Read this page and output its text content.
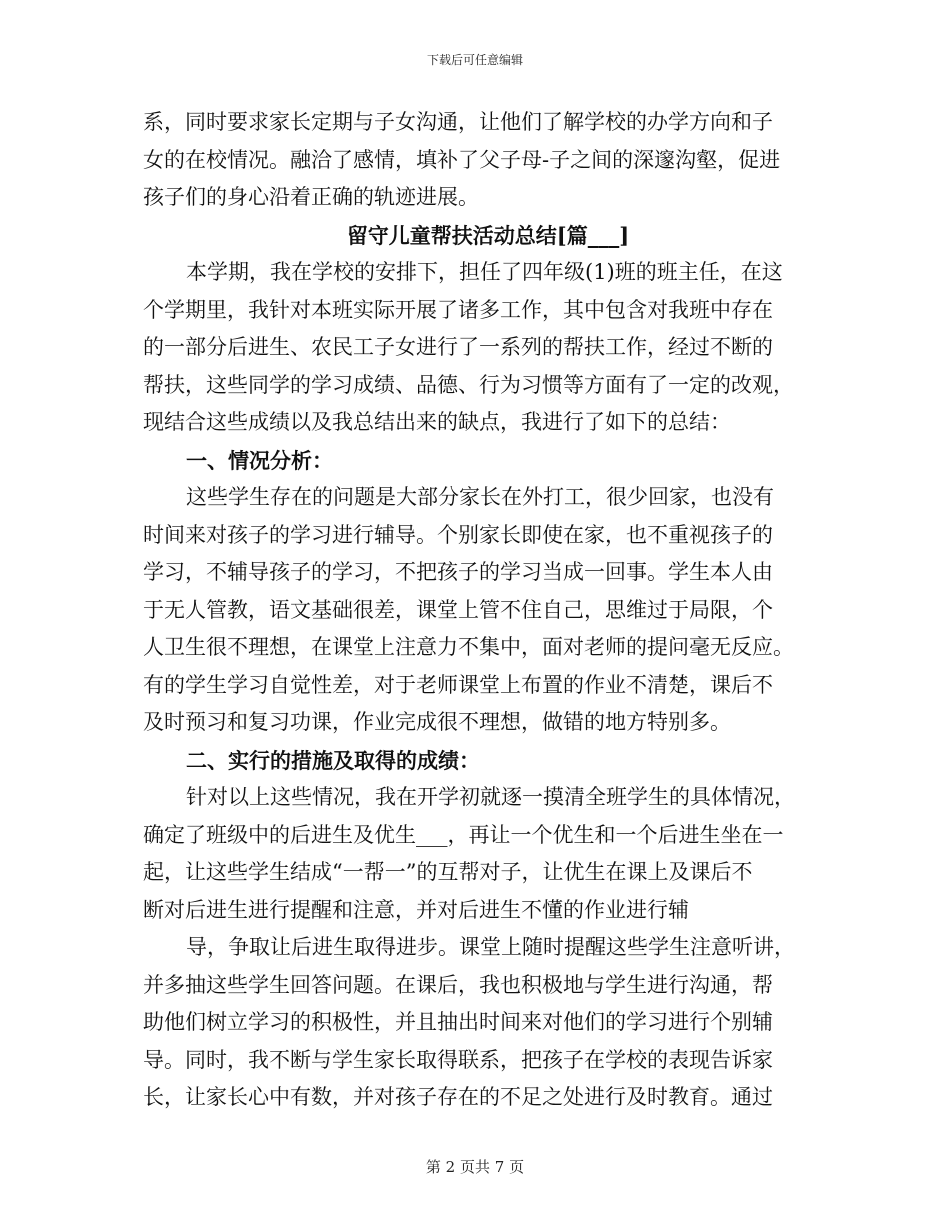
下载后可任意编辑
系，同时要求家长定期与子女沟通，让他们了解学校的办学方向和子
女的在校情况。融洽了感情，填补了父子母-子之间的深邃沟壑，促进
孩子们的身心沿着正确的轨迹进展。
留守儿童帮扶活动总结[篇___]
本学期，我在学校的安排下，担任了四年级(1)班的班主任，在这
个学期里，我针对本班实际开展了诸多工作，其中包含对我班中存在
的一部分后进生、农民工子女进行了一系列的帮扶工作，经过不断的
帮扶，这些同学的学习成绩、品德、行为习惯等方面有了一定的改观，
现结合这些成绩以及我总结出来的缺点，我进行了如下的总结：
一、情况分析：
这些学生存在的问题是大部分家长在外打工，很少回家，也没有
时间来对孩子的学习进行辅导。个别家长即使在家，也不重视孩子的
学习，不辅导孩子的学习，不把孩子的学习当成一回事。学生本人由
于无人管教，语文基础很差，课堂上管不住自己，思维过于局限，个
人卫生很不理想，在课堂上注意力不集中，面对老师的提问毫无反应。
有的学生学习自觉性差，对于老师课堂上布置的作业不清楚，课后不
及时预习和复习功课，作业完成很不理想，做错的地方特别多。
二、实行的措施及取得的成绩：
针对以上这些情况，我在开学初就逐一摸清全班学生的具体情况，
确定了班级中的后进生及优生___，再让一个优生和一个后进生坐在一
起，让这些学生结成“一帮一”的互帮对子，让优生在课上及课后不
断对后进生进行提醒和注意，并对后进生不懂的作业进行辅
导，争取让后进生取得进步。课堂上随时提醒这些学生注意听讲，
并多抽这些学生回答问题。在课后，我也积极地与学生进行沟通，帮
助他们树立学习的积极性，并且抽出时间来对他们的学习进行个别辅
导。同时，我不断与学生家长取得联系，把孩子在学校的表现告诉家
长，让家长心中有数，并对孩子存在的不足之处进行及时教育。通过
第 2 页共 7 页
